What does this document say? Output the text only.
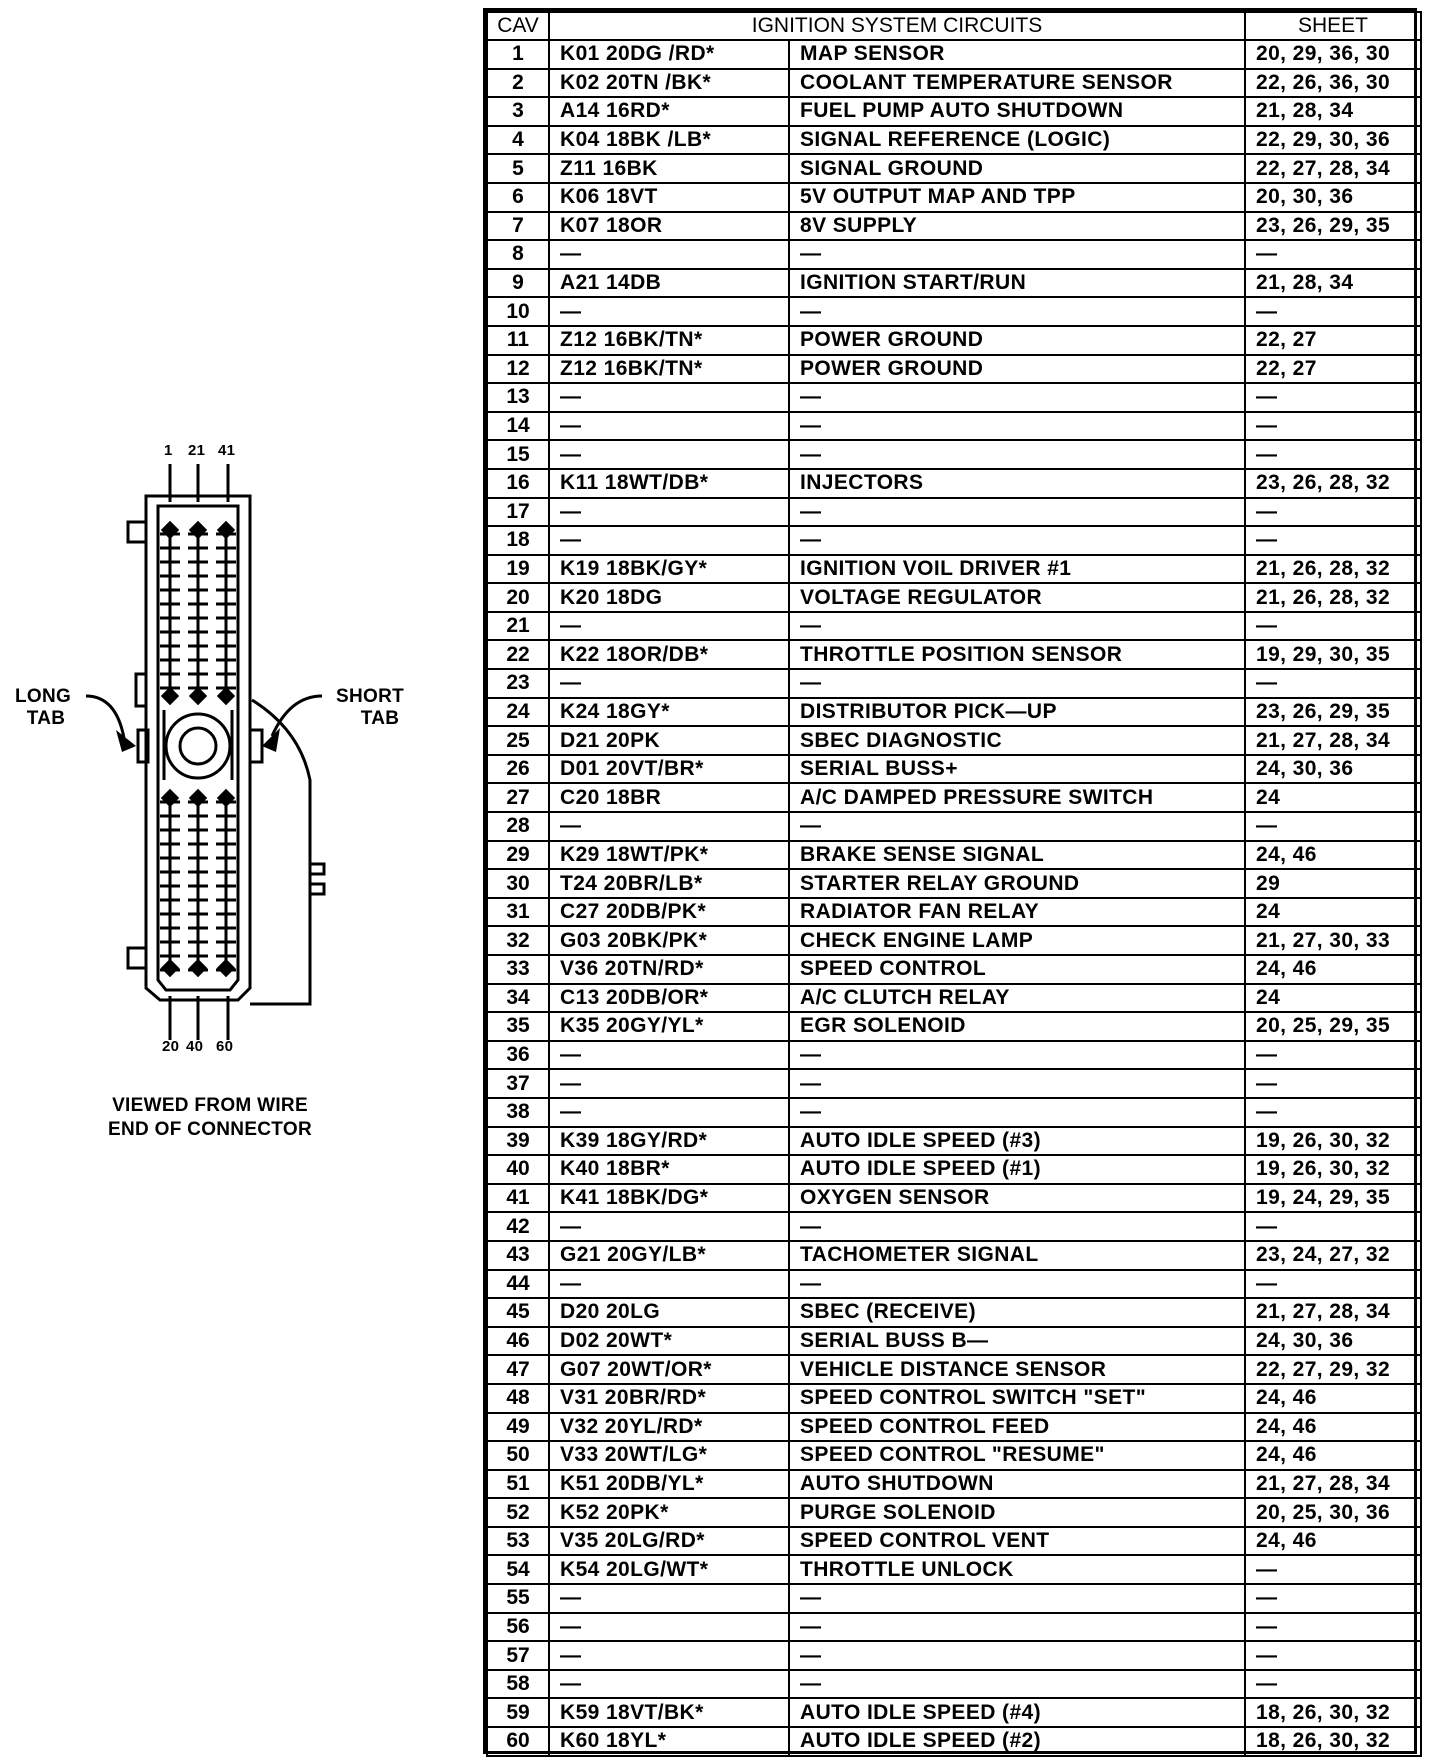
1 21 41
20 40 60
LONG
TAB
SHORT
TAB
VIEWED FROM WIRE
END OF CONNECTOR
CAV	IGNITION SYSTEM CIRCUITS		SHEET
1	K01 20DG /RD*	MAP SENSOR	20, 29, 36, 30
2	K02 20TN /BK*	COOLANT TEMPERATURE SENSOR	22, 26, 36, 30
3	A14 16RD*	FUEL PUMP AUTO SHUTDOWN	21, 28, 34
4	K04 18BK /LB*	SIGNAL REFERENCE (LOGIC)	22, 29, 30, 36
5	Z11 16BK	SIGNAL GROUND	22, 27, 28, 34
6	K06 18VT	5V OUTPUT MAP AND TPP	20, 30, 36
7	K07 18OR	8V SUPPLY	23, 26, 29, 35
8	—	—	—
9	A21 14DB	IGNITION START/RUN	21, 28, 34
10	—	—	—
11	Z12 16BK/TN*	POWER GROUND	22, 27
12	Z12 16BK/TN*	POWER GROUND	22, 27
13	—	—	—
14	—	—	—
15	—	—	—
16	K11 18WT/DB*	INJECTORS	23, 26, 28, 32
17	—	—	—
18	—	—	—
19	K19 18BK/GY*	IGNITION VOIL DRIVER #1	21, 26, 28, 32
20	K20 18DG	VOLTAGE REGULATOR	21, 26, 28, 32
21	—	—	—
22	K22 18OR/DB*	THROTTLE POSITION SENSOR	19, 29, 30, 35
23	—	—	—
24	K24 18GY*	DISTRIBUTOR PICK—UP	23, 26, 29, 35
25	D21 20PK	SBEC DIAGNOSTIC	21, 27, 28, 34
26	D01 20VT/BR*	SERIAL BUSS+	24, 30, 36
27	C20 18BR	A/C DAMPED PRESSURE SWITCH	24
28	—	—	—
29	K29 18WT/PK*	BRAKE SENSE SIGNAL	24, 46
30	T24 20BR/LB*	STARTER RELAY GROUND	29
31	C27 20DB/PK*	RADIATOR FAN RELAY	24
32	G03 20BK/PK*	CHECK ENGINE LAMP	21, 27, 30, 33
33	V36 20TN/RD*	SPEED CONTROL	24, 46
34	C13 20DB/OR*	A/C CLUTCH RELAY	24
35	K35 20GY/YL*	EGR SOLENOID	20, 25, 29, 35
36	—	—	—
37	—	—	—
38	—	—	—
39	K39 18GY/RD*	AUTO IDLE SPEED (#3)	19, 26, 30, 32
40	K40 18BR*	AUTO IDLE SPEED (#1)	19, 26, 30, 32
41	K41 18BK/DG*	OXYGEN SENSOR	19, 24, 29, 35
42	—	—	—
43	G21 20GY/LB*	TACHOMETER SIGNAL	23, 24, 27, 32
44	—	—	—
45	D20 20LG	SBEC (RECEIVE)	21, 27, 28, 34
46	D02 20WT*	SERIAL BUSS B—	24, 30, 36
47	G07 20WT/OR*	VEHICLE DISTANCE SENSOR	22, 27, 29, 32
48	V31 20BR/RD*	SPEED CONTROL SWITCH "SET"	24, 46
49	V32 20YL/RD*	SPEED CONTROL FEED	24, 46
50	V33 20WT/LG*	SPEED CONTROL "RESUME"	24, 46
51	K51 20DB/YL*	AUTO SHUTDOWN	21, 27, 28, 34
52	K52 20PK*	PURGE SOLENOID	20, 25, 30, 36
53	V35 20LG/RD*	SPEED CONTROL VENT	24, 46
54	K54 20LG/WT*	THROTTLE UNLOCK	—
55	—	—	—
56	—	—	—
57	—	—	—
58	—	—	—
59	K59 18VT/BK*	AUTO IDLE SPEED (#4)	18, 26, 30, 32
60	K60 18YL*	AUTO IDLE SPEED (#2)	18, 26, 30, 32
